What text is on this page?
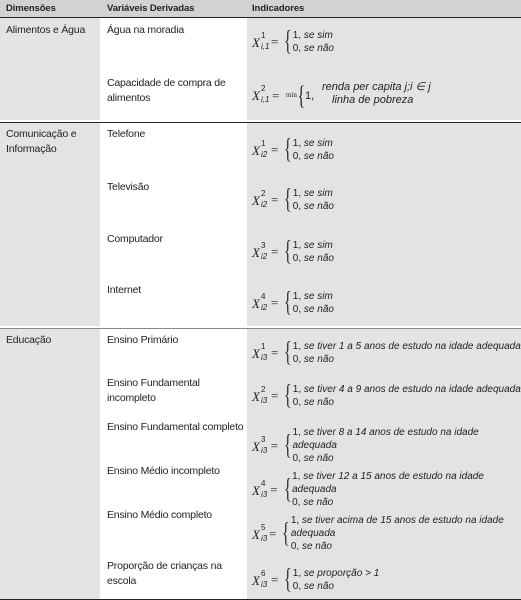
Dimensões	Variáveis Derivadas	Indicadores
Alimentos e Água
Comunicação e Informação
Educação
Água na moradia
Capacidade de compra de alimentos
Telefone
Televisão
Computador
Internet
Ensino Primário
Ensino Fundamental incompleto
Ensino Fundamental completo
Ensino Médio incompleto
Ensino Médio completo
Proporção de crianças na escola
X 1
i,1 = { 1, se sim
0, se não
X 2
i,1 = min { 1,
renda per capita j;i ∈ j
linha de pobreza
X 1
i2 = { 1, se sim
0, se não
X 2
i2 = { 1, se sim
0, se não
X 3
i2 = { 1, se sim
0, se não
X 4
i2 = { 1, se sim
0, se não
X 1
i3 = { 1, se tiver 1 a 5 anos de estudo na idade adequada
0, se não
X 2
i3 = { 1, se tiver 4 a 9 anos de estudo na idade adequada
0, se não
X 3
i3 = { 1, se tiver 8 a 14 anos de estudo na idade adequada
0, se não
X 4
i3 = { 1, se tiver 12 a 15 anos de estudo na idade adequada
0, se não
X 5
i3 = { 1, se tiver acima de 15 anos de estudo na idade adequada
0, se não
X 6
i3 = { 1, se proporção > 1
0, se não
